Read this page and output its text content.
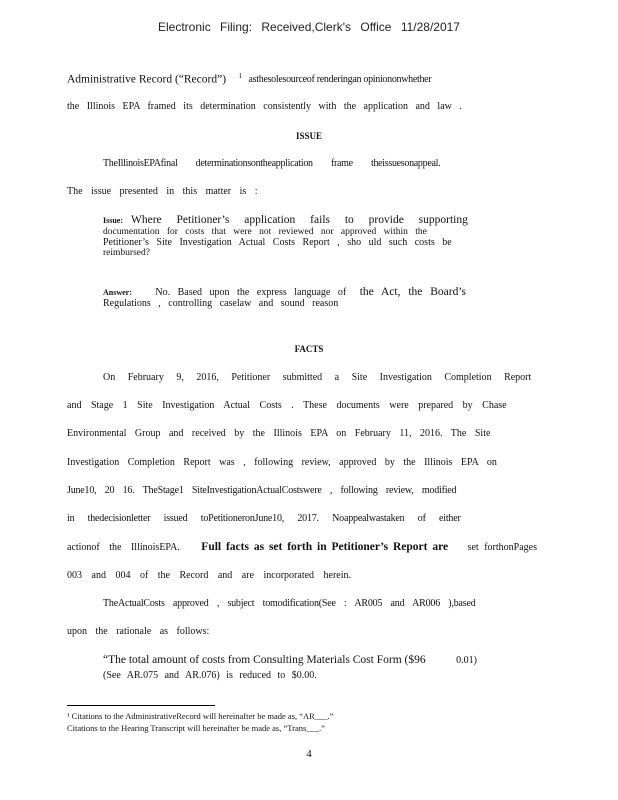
Electronic Filing: Received,Clerk's Office 11/28/2017
Administrative Record (“Record”) $^1$ asthesolesourceof renderingan opiniononwhether
the Illinois EPA framed its determination consistently with the application and law .
ISSUE
TheIllinoisEPAfinal determinationsontheapplication frame theissuesonappeal.
The issue presented in this matter is :
Issue: Where Petitioner’s application fails to provide supporting
documentation for costs that were not reviewed nor approved within the
Petitioner’s Site Investigation Actual Costs Report , sho uld such costs be
reimbursed?
Answer: No. Based upon the express language of the Act, the Board’s
Regulations , controlling caselaw and sound reason
FACTS
On February 9, 2016, Petitioner submitted a Site Investigation Completion Report
and Stage 1 Site Investigation Actual Costs . These documents were prepared by Chase
Environmental Group and received by the Illinois EPA on February 11, 2016. The Site
Investigation Completion Report was , following review, approved by the Illinois EPA on
June10, 20 16. TheStage1 SiteInvestigationActualCostswere , following review, modified
in thedecisionletter issued toPetitioneronJune10, 2017. Noappealwastaken of either
actionof the IllinoisEPA. Full facts as set forth in Petitioner’s Report are set forthonPages
003 and 004 of the Record and are incorporated herein.
TheActualCosts approved , subject tomodification(See : AR005 and AR006 ),based
upon the rationale as follows:
“The total amount of costs from Consulting Materials Cost Form ($96	0.01)
(See AR.075 and AR.076) is reduced to $0.00.
¹ Citations to the AdministrativeRecord will hereinafter be made as, “AR___.”
Citations to the Hearing Transcript will hereinafter be made as, “Trans___.”
4
